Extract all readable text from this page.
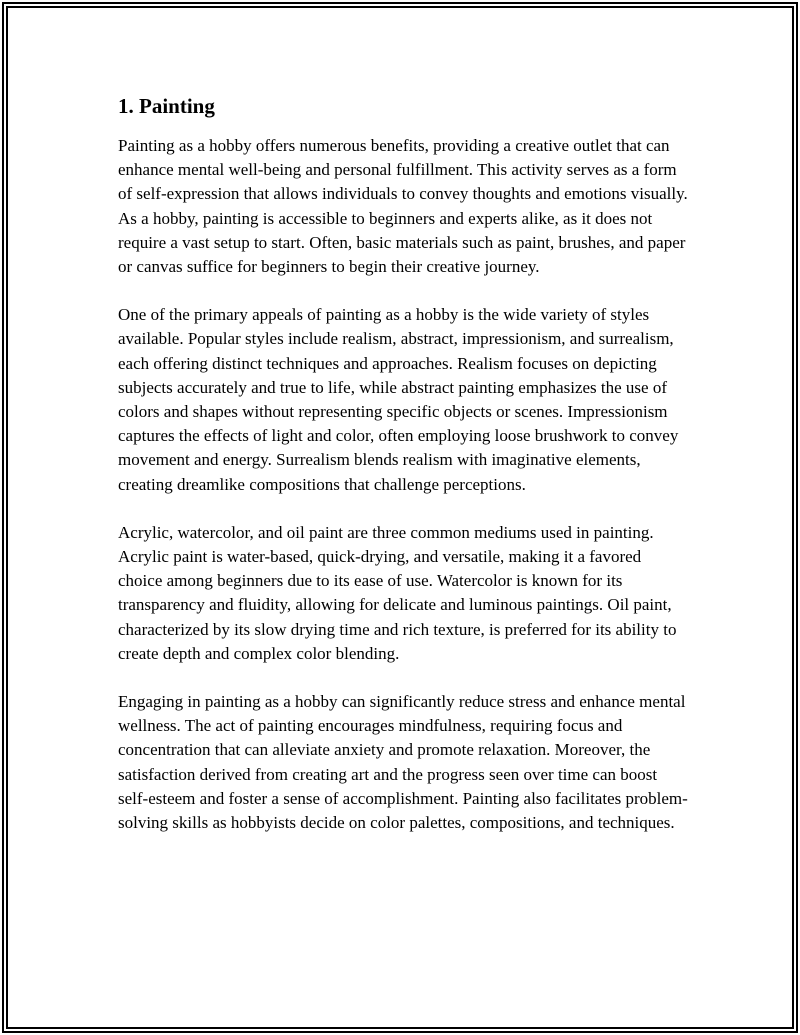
1. Painting

Painting as a hobby offers numerous benefits, providing a creative outlet that can enhance mental well-being and personal fulfillment. This activity serves as a form of self-expression that allows individuals to convey thoughts and emotions visually. As a hobby, painting is accessible to beginners and experts alike, as it does not require a vast setup to start. Often, basic materials such as paint, brushes, and paper or canvas suffice for beginners to begin their creative journey.

One of the primary appeals of painting as a hobby is the wide variety of styles available. Popular styles include realism, abstract, impressionism, and surrealism, each offering distinct techniques and approaches. Realism focuses on depicting subjects accurately and true to life, while abstract painting emphasizes the use of colors and shapes without representing specific objects or scenes. Impressionism captures the effects of light and color, often employing loose brushwork to convey movement and energy. Surrealism blends realism with imaginative elements, creating dreamlike compositions that challenge perceptions.

Acrylic, watercolor, and oil paint are three common mediums used in painting. Acrylic paint is water-based, quick-drying, and versatile, making it a favored choice among beginners due to its ease of use. Watercolor is known for its transparency and fluidity, allowing for delicate and luminous paintings. Oil paint, characterized by its slow drying time and rich texture, is preferred for its ability to create depth and complex color blending.

Engaging in painting as a hobby can significantly reduce stress and enhance mental wellness. The act of painting encourages mindfulness, requiring focus and concentration that can alleviate anxiety and promote relaxation. Moreover, the satisfaction derived from creating art and the progress seen over time can boost self-esteem and foster a sense of accomplishment. Painting also facilitates problem-solving skills as hobbyists decide on color palettes, compositions, and techniques.
